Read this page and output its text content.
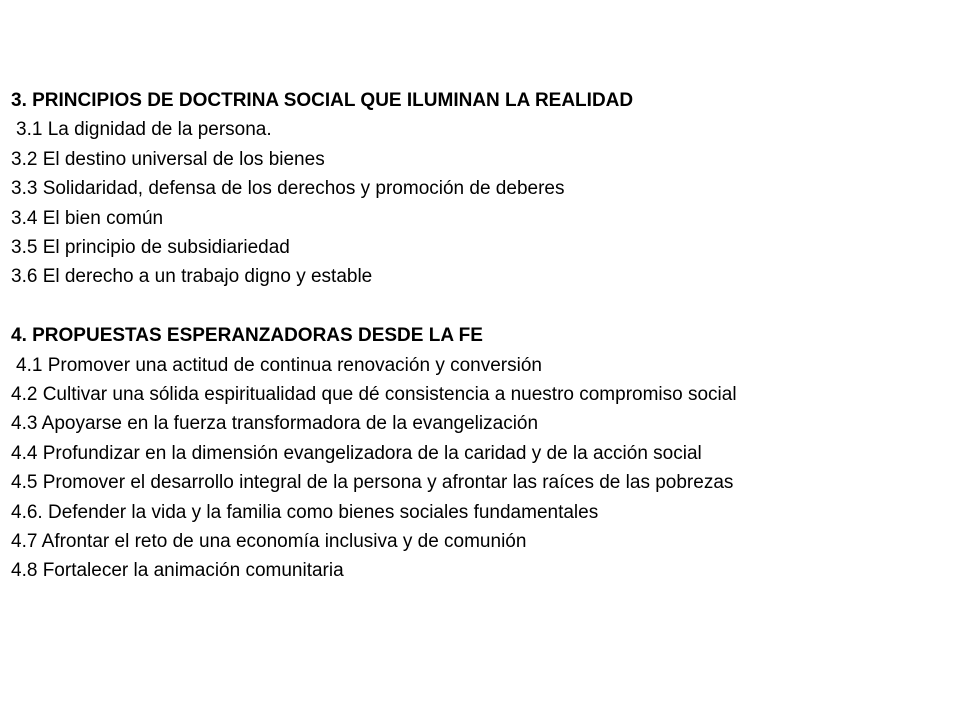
3. PRINCIPIOS DE DOCTRINA SOCIAL QUE ILUMINAN LA REALIDAD
3.1 La dignidad de la persona.
3.2 El destino universal de los bienes
3.3 Solidaridad, defensa de los derechos y promoción de deberes
3.4 El bien común
3.5 El principio de subsidiariedad
3.6 El derecho a un trabajo digno y estable
4. PROPUESTAS ESPERANZADORAS DESDE LA FE
4.1 Promover una actitud de continua renovación y conversión
4.2 Cultivar una sólida espiritualidad que dé consistencia a nuestro compromiso social
4.3 Apoyarse en la fuerza transformadora de la evangelización
4.4 Profundizar en la dimensión evangelizadora de la caridad y de la acción social
4.5 Promover el desarrollo integral de la persona y afrontar las raíces de las pobrezas
4.6. Defender la vida y la familia como bienes sociales fundamentales
4.7 Afrontar el reto de una economía inclusiva y de comunión
4.8 Fortalecer la animación comunitaria
